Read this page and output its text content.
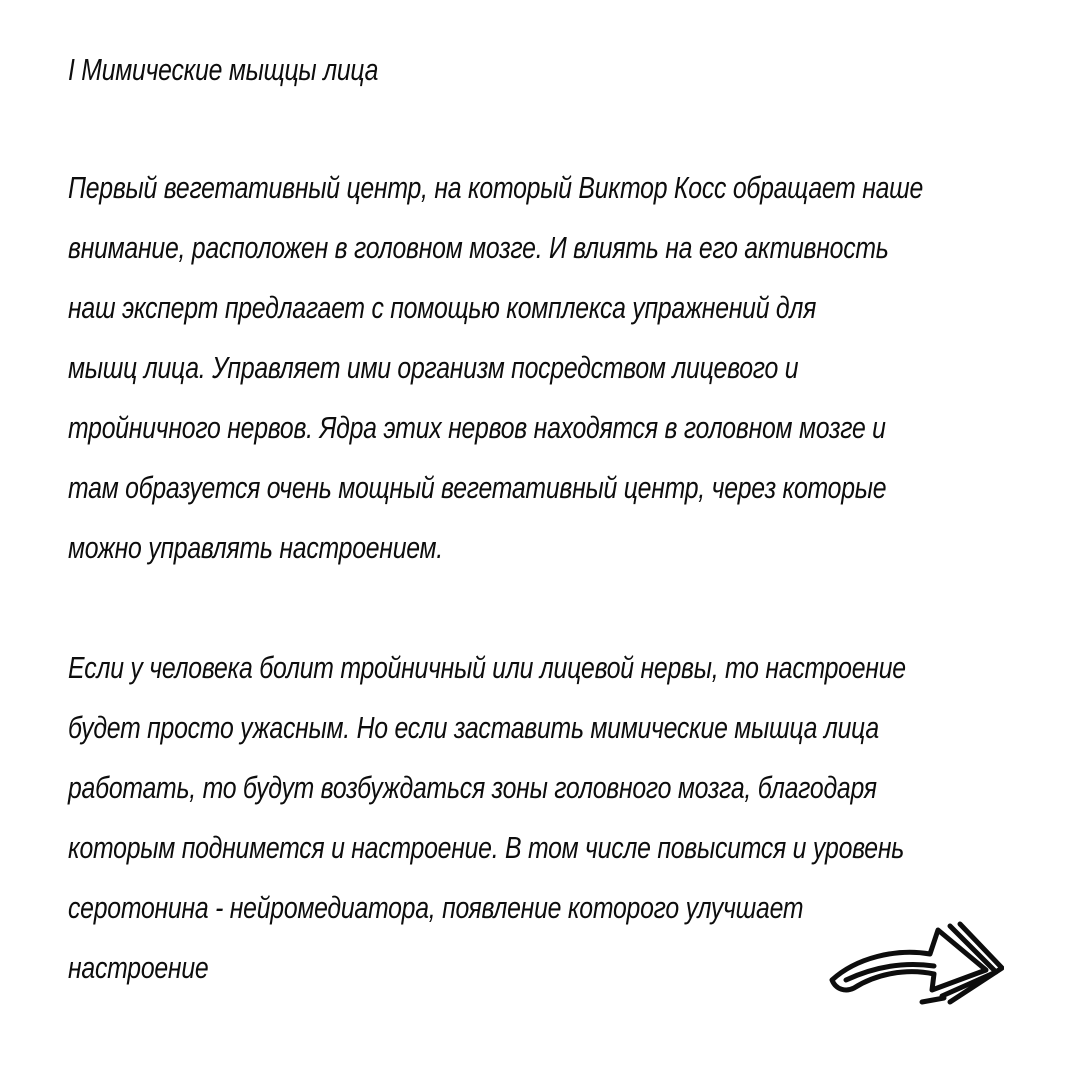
I Мимические мыщцы лица
Первый вегетативный центр, на который Виктор Косс обращает наше
внимание, расположен в головном мозге. И влиять на его активность
наш эксперт предлагает с помощью комплекса упражнений для
мышц лица. Управляет ими организм посредством лицевого и
тройничного нервов. Ядра этих нервов находятся в головном мозге и
там образуется очень мощный вегетативный центр, через которые
можно управлять настроением.
Если у человека болит тройничный или лицевой нервы, то настроение
будет просто ужасным. Но если заставить мимические мышца лица
работать, то будут возбуждаться зоны головного мозга, благодаря
которым поднимется и настроение. В том числе повысится и уровень
серотонина - нейромедиатора, появление которого улучшает
настроение
